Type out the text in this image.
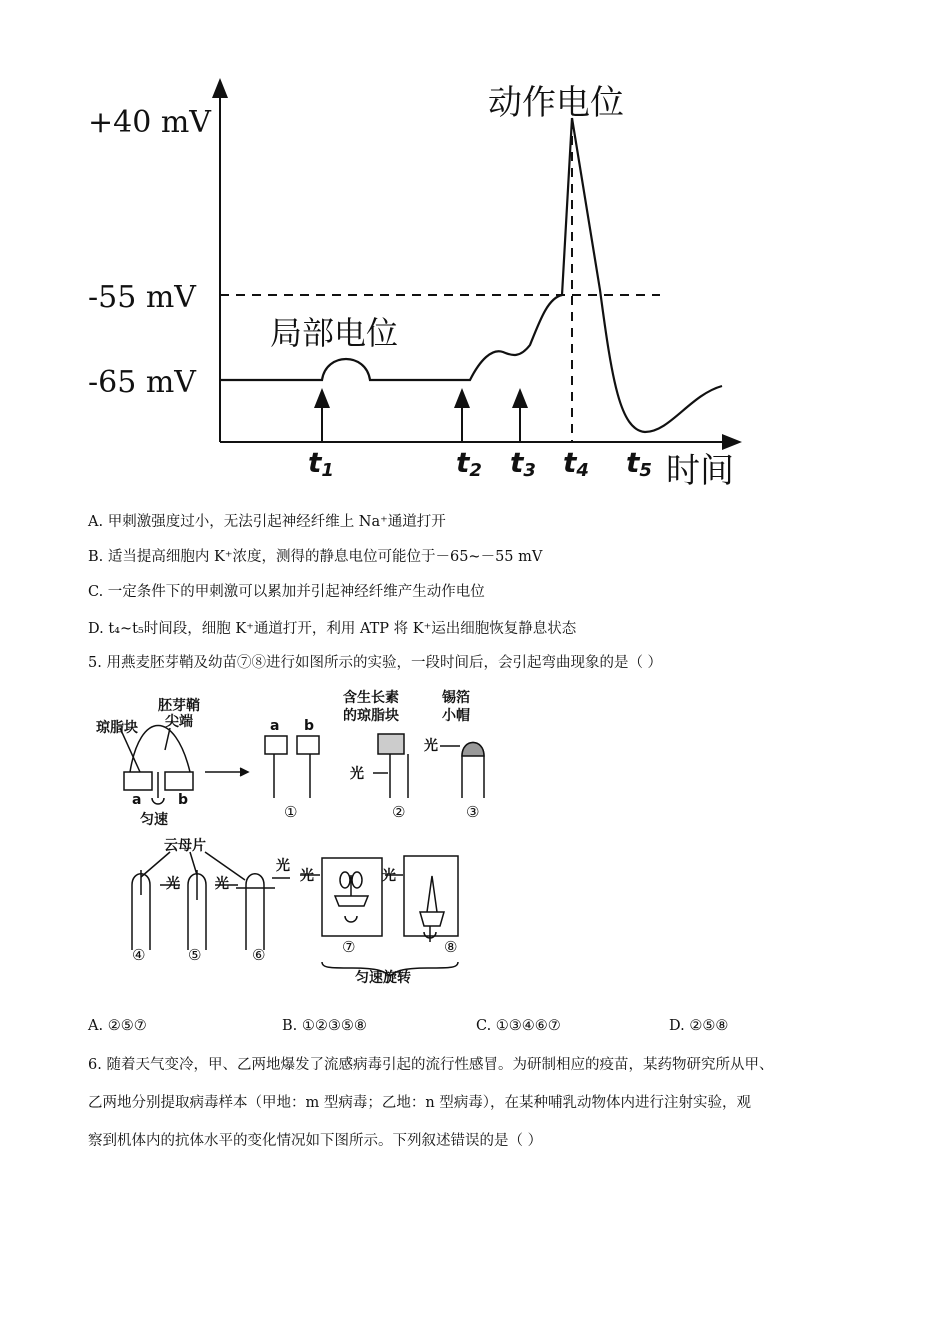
+40 mV
-55 mV
-65 mV
动作电位
局部电位
t1	t2 t3 t4 t5 时间
A. 甲刺激强度过小，无法引起神经纤维上 Na⁺通道打开
B. 适当提高细胞内 K⁺浓度，测得的静息电位可能位于－65~－55 mV
C. 一定条件下的甲刺激可以累加并引起神经纤维产生动作电位
D. t₄~t₅时间段，细胞 K⁺通道打开，利用 ATP 将 K⁺运出细胞恢复静息状态
5. 用燕麦胚芽鞘及幼苗⑦⑧进行如图所示的实验，一段时间后，会引起弯曲现象的是（ ）
琼脂块
胚芽鞘
尖端
a	b
匀速
a b
含生长素
的琼脂块
锡箔
小帽
光
光
云母片
光	光
光
光	光
匀速旋转
①	②	③
④	⑤	⑥	⑦	⑧
A. ②⑤⑦	B. ①②③⑤⑧	C. ①③④⑥⑦	D. ②⑤⑧
6. 随着天气变冷，甲、乙两地爆发了流感病毒引起的流行性感冒。为研制相应的疫苗，某药物研究所从甲、
乙两地分别提取病毒样本（甲地：m 型病毒；乙地：n 型病毒），在某种哺乳动物体内进行注射实验，观
察到机体内的抗体水平的变化情况如下图所示。下列叙述错误的是（ ）
